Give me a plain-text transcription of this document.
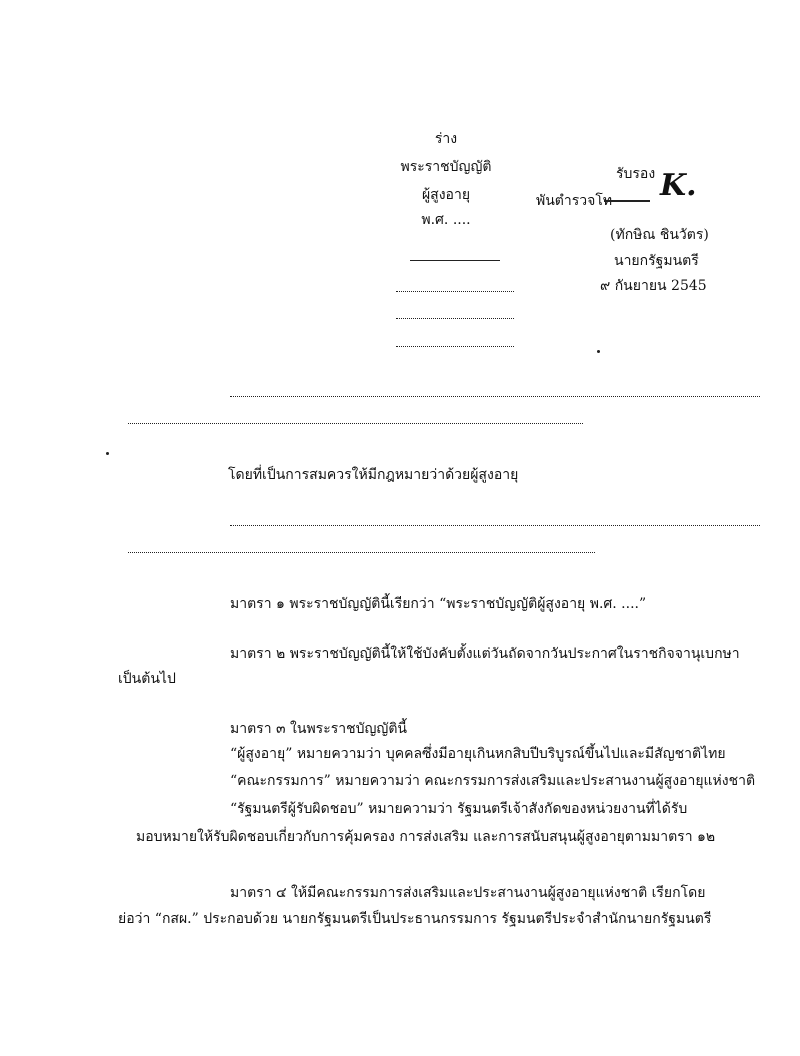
ร่าง
พระราชบัญญัติ
ผู้สูงอายุ
พ.ศ. ....
รับรอง
พันตำรวจโท K.
(ทักษิณ ชินวัตร)
นายกรัฐมนตรี
๙ กันยายน 2545
โดยที่เป็นการสมควรให้มีกฎหมายว่าด้วยผู้สูงอายุ
มาตรา ๑ พระราชบัญญัตินี้เรียกว่า “พระราชบัญญัติผู้สูงอายุ พ.ศ. ....”
มาตรา ๒ พระราชบัญญัตินี้ให้ใช้บังคับตั้งแต่วันถัดจากวันประกาศในราชกิจจานุเบกษา
เป็นต้นไป
มาตรา ๓ ในพระราชบัญญัตินี้
“ผู้สูงอายุ” หมายความว่า บุคคลซึ่งมีอายุเกินหกสิบปีบริบูรณ์ขึ้นไปและมีสัญชาติไทย
“คณะกรรมการ” หมายความว่า คณะกรรมการส่งเสริมและประสานงานผู้สูงอายุแห่งชาติ
“รัฐมนตรีผู้รับผิดชอบ” หมายความว่า รัฐมนตรีเจ้าสังกัดของหน่วยงานที่ได้รับ
มอบหมายให้รับผิดชอบเกี่ยวกับการคุ้มครอง การส่งเสริม และการสนับสนุนผู้สูงอายุตามมาตรา ๑๒
มาตรา ๔ ให้มีคณะกรรมการส่งเสริมและประสานงานผู้สูงอายุแห่งชาติ เรียกโดย
ย่อว่า “กสผ.” ประกอบด้วย นายกรัฐมนตรีเป็นประธานกรรมการ รัฐมนตรีประจำสำนักนายกรัฐมนตรี
